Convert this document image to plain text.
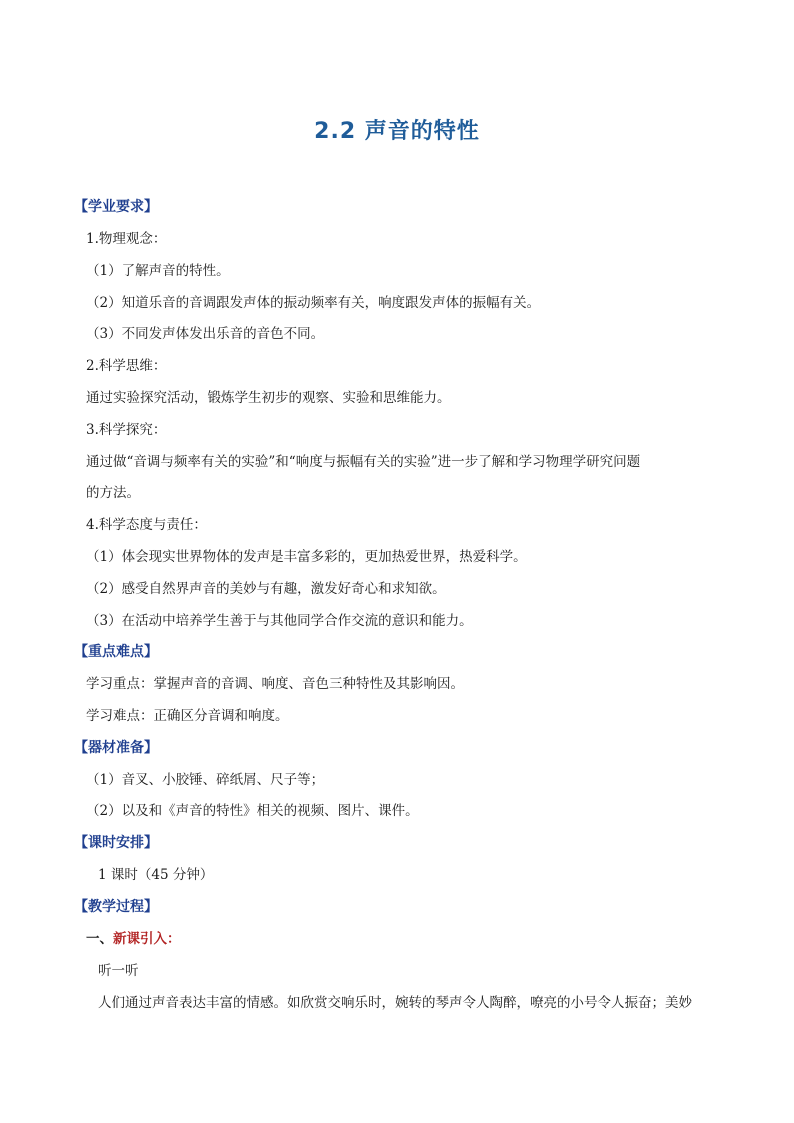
2.2 声音的特性
【学业要求】
1.物理观念：
（1）了解声音的特性。
（2）知道乐音的音调跟发声体的振动频率有关，响度跟发声体的振幅有关。
（3）不同发声体发出乐音的音色不同。
2.科学思维：
通过实验探究活动，锻炼学生初步的观察、实验和思维能力。
3.科学探究：
通过做“音调与频率有关的实验”和“响度与振幅有关的实验”进一步了解和学习物理学研究问题
的方法。
4.科学态度与责任：
（1）体会现实世界物体的发声是丰富多彩的，更加热爱世界，热爱科学。
（2）感受自然界声音的美妙与有趣，激发好奇心和求知欲。
（3）在活动中培养学生善于与其他同学合作交流的意识和能力。
【重点难点】
学习重点：掌握声音的音调、响度、音色三种特性及其影响因。
学习难点：正确区分音调和响度。
【器材准备】
（1）音叉、小胶锤、碎纸屑、尺子等；
（2）以及和《声音的特性》相关的视频、图片、课件。
【课时安排】
1 课时（45 分钟）
【教学过程】
一、新课引入：
听一听
人们通过声音表达丰富的情感。如欣赏交响乐时，婉转的琴声令人陶醉，嘹亮的小号令人振奋；美妙
